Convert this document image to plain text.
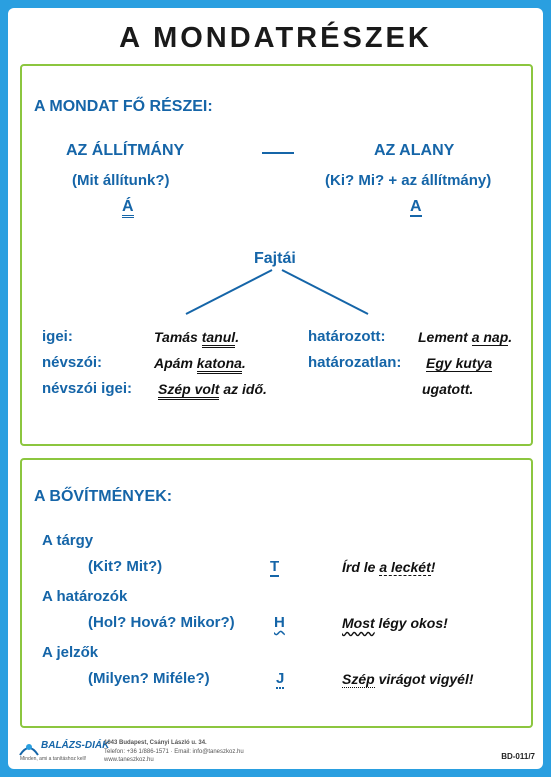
A MONDATRÉSZEK
A MONDAT FŐ RÉSZEI:
AZ ÁLLÍTMÁNY	AZ ALANY
(Mit állítunk?)	(Ki? Mi? + az állítmány)
Á	A
Fajtái
igei:	Tamás tanul.
névszói:	Apám katona.
névszói igei: Szép volt az idő.
határozott: Lement a nap.
határozatlan: Egy kutya
ugatott.
A BŐVÍTMÉNYEK:
A tárgy
(Kit? Mit?)	T	Írd le a leckét!
A határozók
(Hol? Hová? Mikor?)	H	Most légy okos!
A jelzők
(Milyen? Miféle?)	J	Szép virágot vigyél!
BALÁZS-DIÁK
Minden, ami a tanításhoz kell!
1043 Budapest, Csányi László u. 34.
Telefon: +36 1/886-1571 · Email: info@taneszkoz.hu
www.taneszkoz.hu	BD-011/7
